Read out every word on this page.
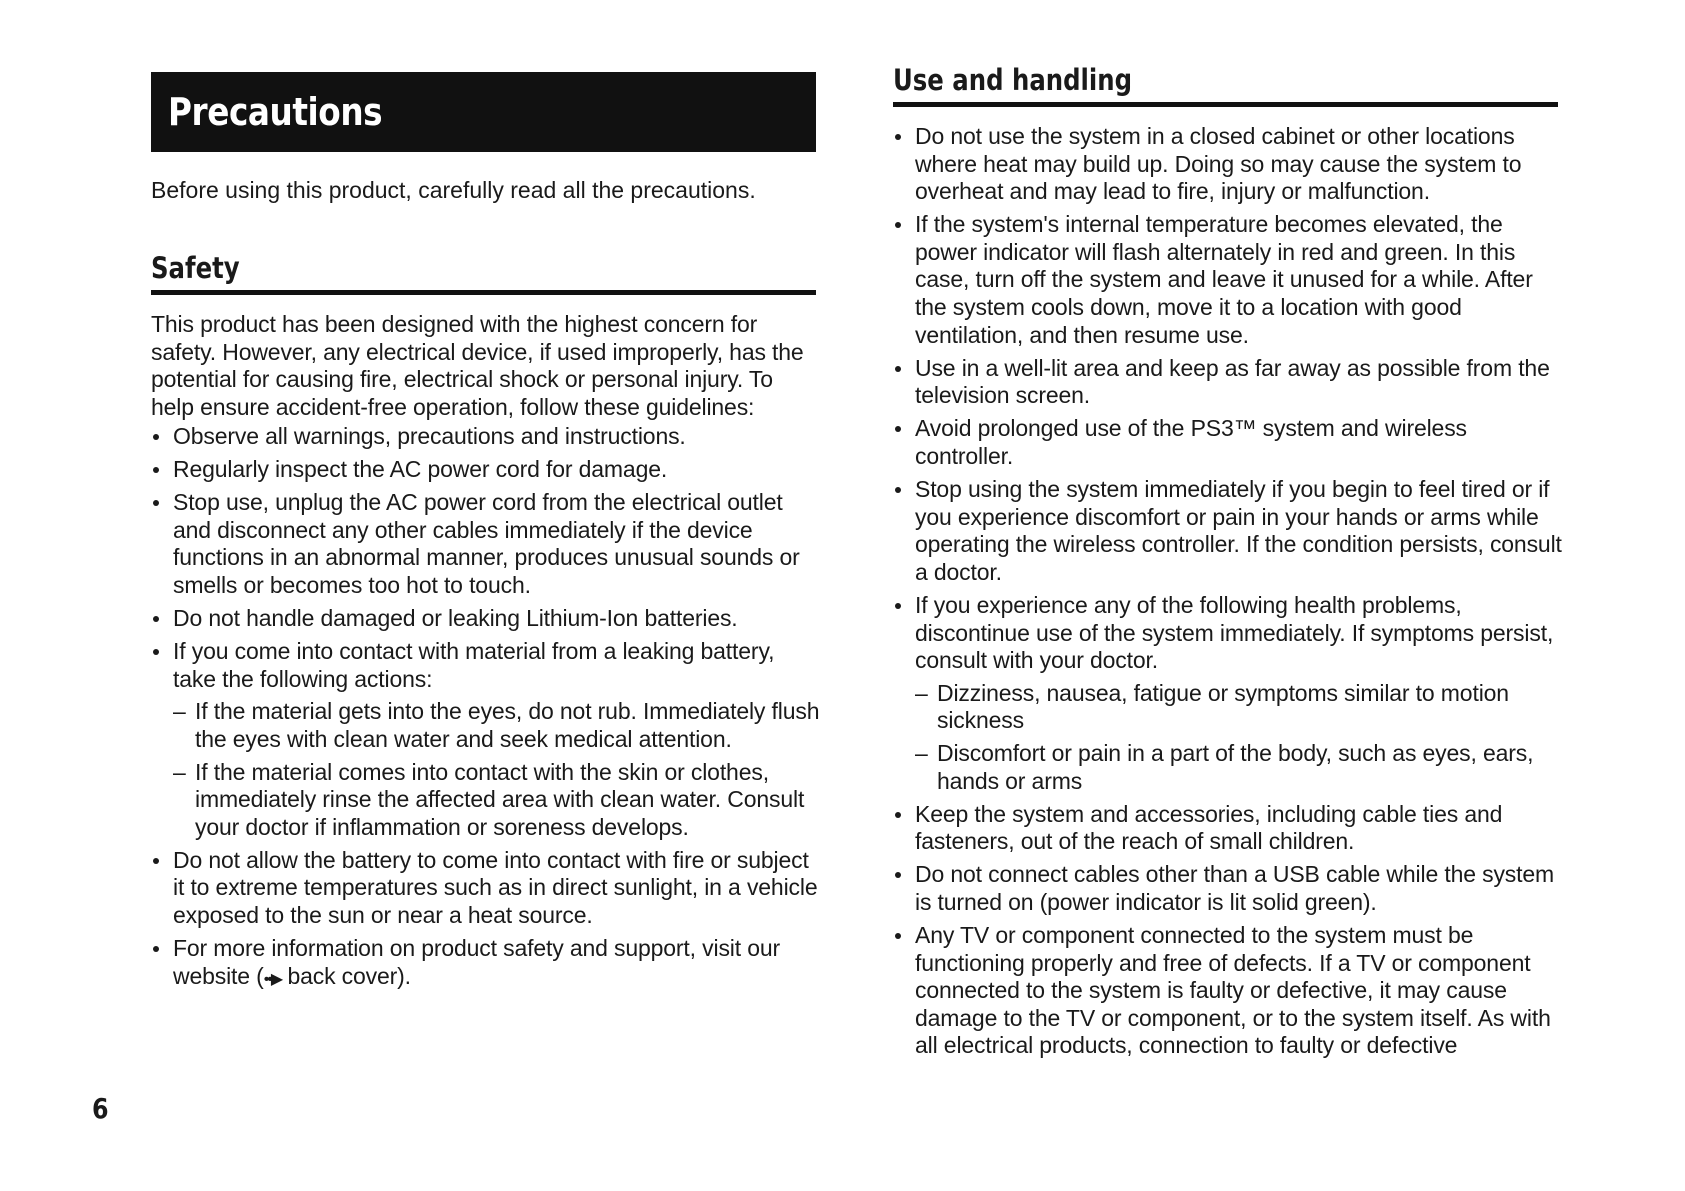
Precautions

Before using this product, carefully read all the precautions.

Safety

This product has been designed with the highest concern for safety. However, any electrical device, if used improperly, has the potential for causing fire, electrical shock or personal injury. To help ensure accident-free operation, follow these guidelines:

Observe all warnings, precautions and instructions.
Regularly inspect the AC power cord for damage.
Stop use, unplug the AC power cord from the electrical outlet and disconnect any other cables immediately if the device functions in an abnormal manner, produces unusual sounds or smells or becomes too hot to touch.
Do not handle damaged or leaking Lithium-Ion batteries.
If you come into contact with material from a leaking battery, take the following actions:
– If the material gets into the eyes, do not rub. Immediately flush the eyes with clean water and seek medical attention.
– If the material comes into contact with the skin or clothes, immediately rinse the affected area with clean water. Consult your doctor if inflammation or soreness develops.
Do not allow the battery to come into contact with fire or subject it to extreme temperatures such as in direct sunlight, in a vehicle exposed to the sun or near a heat source.
For more information on product safety and support, visit our website (••▶ back cover).
6
Use and handling
Do not use the system in a closed cabinet or other locations where heat may build up. Doing so may cause the system to overheat and may lead to fire, injury or malfunction.
If the system's internal temperature becomes elevated, the power indicator will flash alternately in red and green. In this case, turn off the system and leave it unused for a while. After the system cools down, move it to a location with good ventilation, and then resume use.
Use in a well-lit area and keep as far away as possible from the television screen.
Avoid prolonged use of the PS3™ system and wireless controller.
Stop using the system immediately if you begin to feel tired or if you experience discomfort or pain in your hands or arms while operating the wireless controller. If the condition persists, consult a doctor.
If you experience any of the following health problems, discontinue use of the system immediately. If symptoms persist, consult with your doctor.
– Dizziness, nausea, fatigue or symptoms similar to motion sickness
– Discomfort or pain in a part of the body, such as eyes, ears, hands or arms
Keep the system and accessories, including cable ties and fasteners, out of the reach of small children.
Do not connect cables other than a USB cable while the system is turned on (power indicator is lit solid green).
Any TV or component connected to the system must be functioning properly and free of defects. If a TV or component connected to the system is faulty or defective, it may cause damage to the TV or component, or to the system itself. As with all electrical products, connection to faulty or defective
